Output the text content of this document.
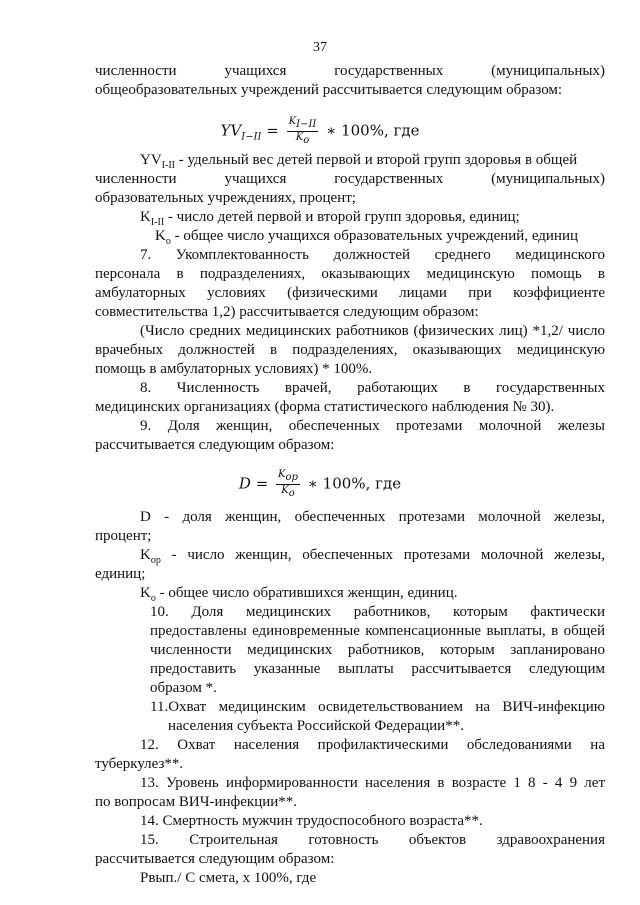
37
численности учащихся государственных (муниципальных)
общеобразовательных учреждений рассчитывается следующим образом:
$YV_{I-II} = \frac{K_{I-II}}{K_o}$ ∗ 100%, где
$YV_{I-II}$ - удельный вес детей первой и второй групп здоровья в общей
численности учащихся государственных (муниципальных)
образовательных учреждениях, процент;
$K_{I-II}$ - число детей первой и второй групп здоровья, единиц;
$K_o$ - общее число учащихся образовательных учреждений, единиц
7. Укомплектованность должностей среднего медицинского
персонала в подразделениях, оказывающих медицинскую помощь в
амбулаторных условиях (физическими лицами при коэффициенте
совместительства 1,2) рассчитывается следующим образом:
(Число средних медицинских работников (физических лиц) *1,2/ число
врачебных должностей в подразделениях, оказывающих медицинскую
помощь в амбулаторных условиях) * 100%.
8. Численность врачей, работающих в государственных
медицинских организациях (форма статистического наблюдения № 30).
9. Доля женщин, обеспеченных протезами молочной железы
рассчитывается следующим образом:
$D = \frac{K_{op}}{K_o}$ ∗ 100%, где
D - доля женщин, обеспеченных протезами молочной железы,
процент;
$K_{op}$ - число женщин, обеспеченных протезами молочной железы,
единиц;
$K_o$ - общее число обратившихся женщин, единиц.
10. Доля медицинских работников, которым фактически
предоставлены единовременные компенсационные выплаты, в общей
численности медицинских работников, которым запланировано
предоставить указанные выплаты рассчитывается следующим
образом *.
11.Охват медицинским освидетельствованием на ВИЧ-инфекцию
населения субъекта Российской Федерации**.
12. Охват населения профилактическими обследованиями на
туберкулез**.
13. Уровень информированности населения в возрасте 1 8 - 4 9 лет
по вопросам ВИЧ-инфекции**.
14. Смертность мужчин трудоспособного возраста**.
15. Строительная готовность объектов здравоохранения
рассчитывается следующим образом:
Рвып./ С смета, х 100%, где
